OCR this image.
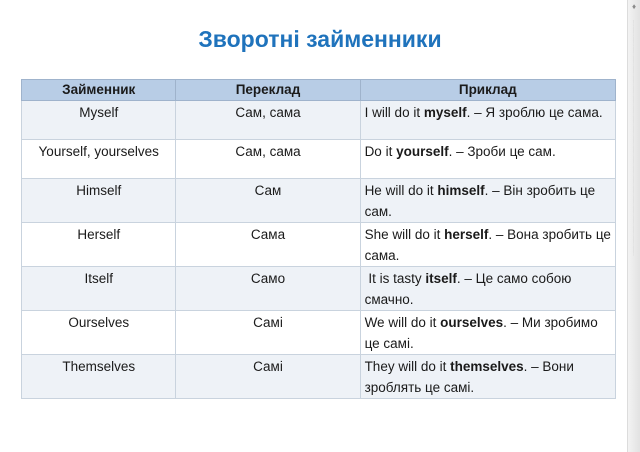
Зворотні займенники
♦
....................................................................................................................................................................................................................
Займенник	Переклад	Приклад
Myself	Сам, сама	I will do it myself. – Я зроблю це сама.
Yourself, yourselves	Сам, сама	Do it yourself. – Зроби це сам.
Himself	Сам	He will do it himself. – Він зробить це сам.
Herself	Сама	She will do it herself. – Вона зробить це сама.
Itself	Само	It is tasty itself. – Це само собою смачно.
Ourselves	Самі	We will do it ourselves. – Ми зробимо це самі.
Themselves	Самі	They will do it themselves. – Вони зроблять це самі.
